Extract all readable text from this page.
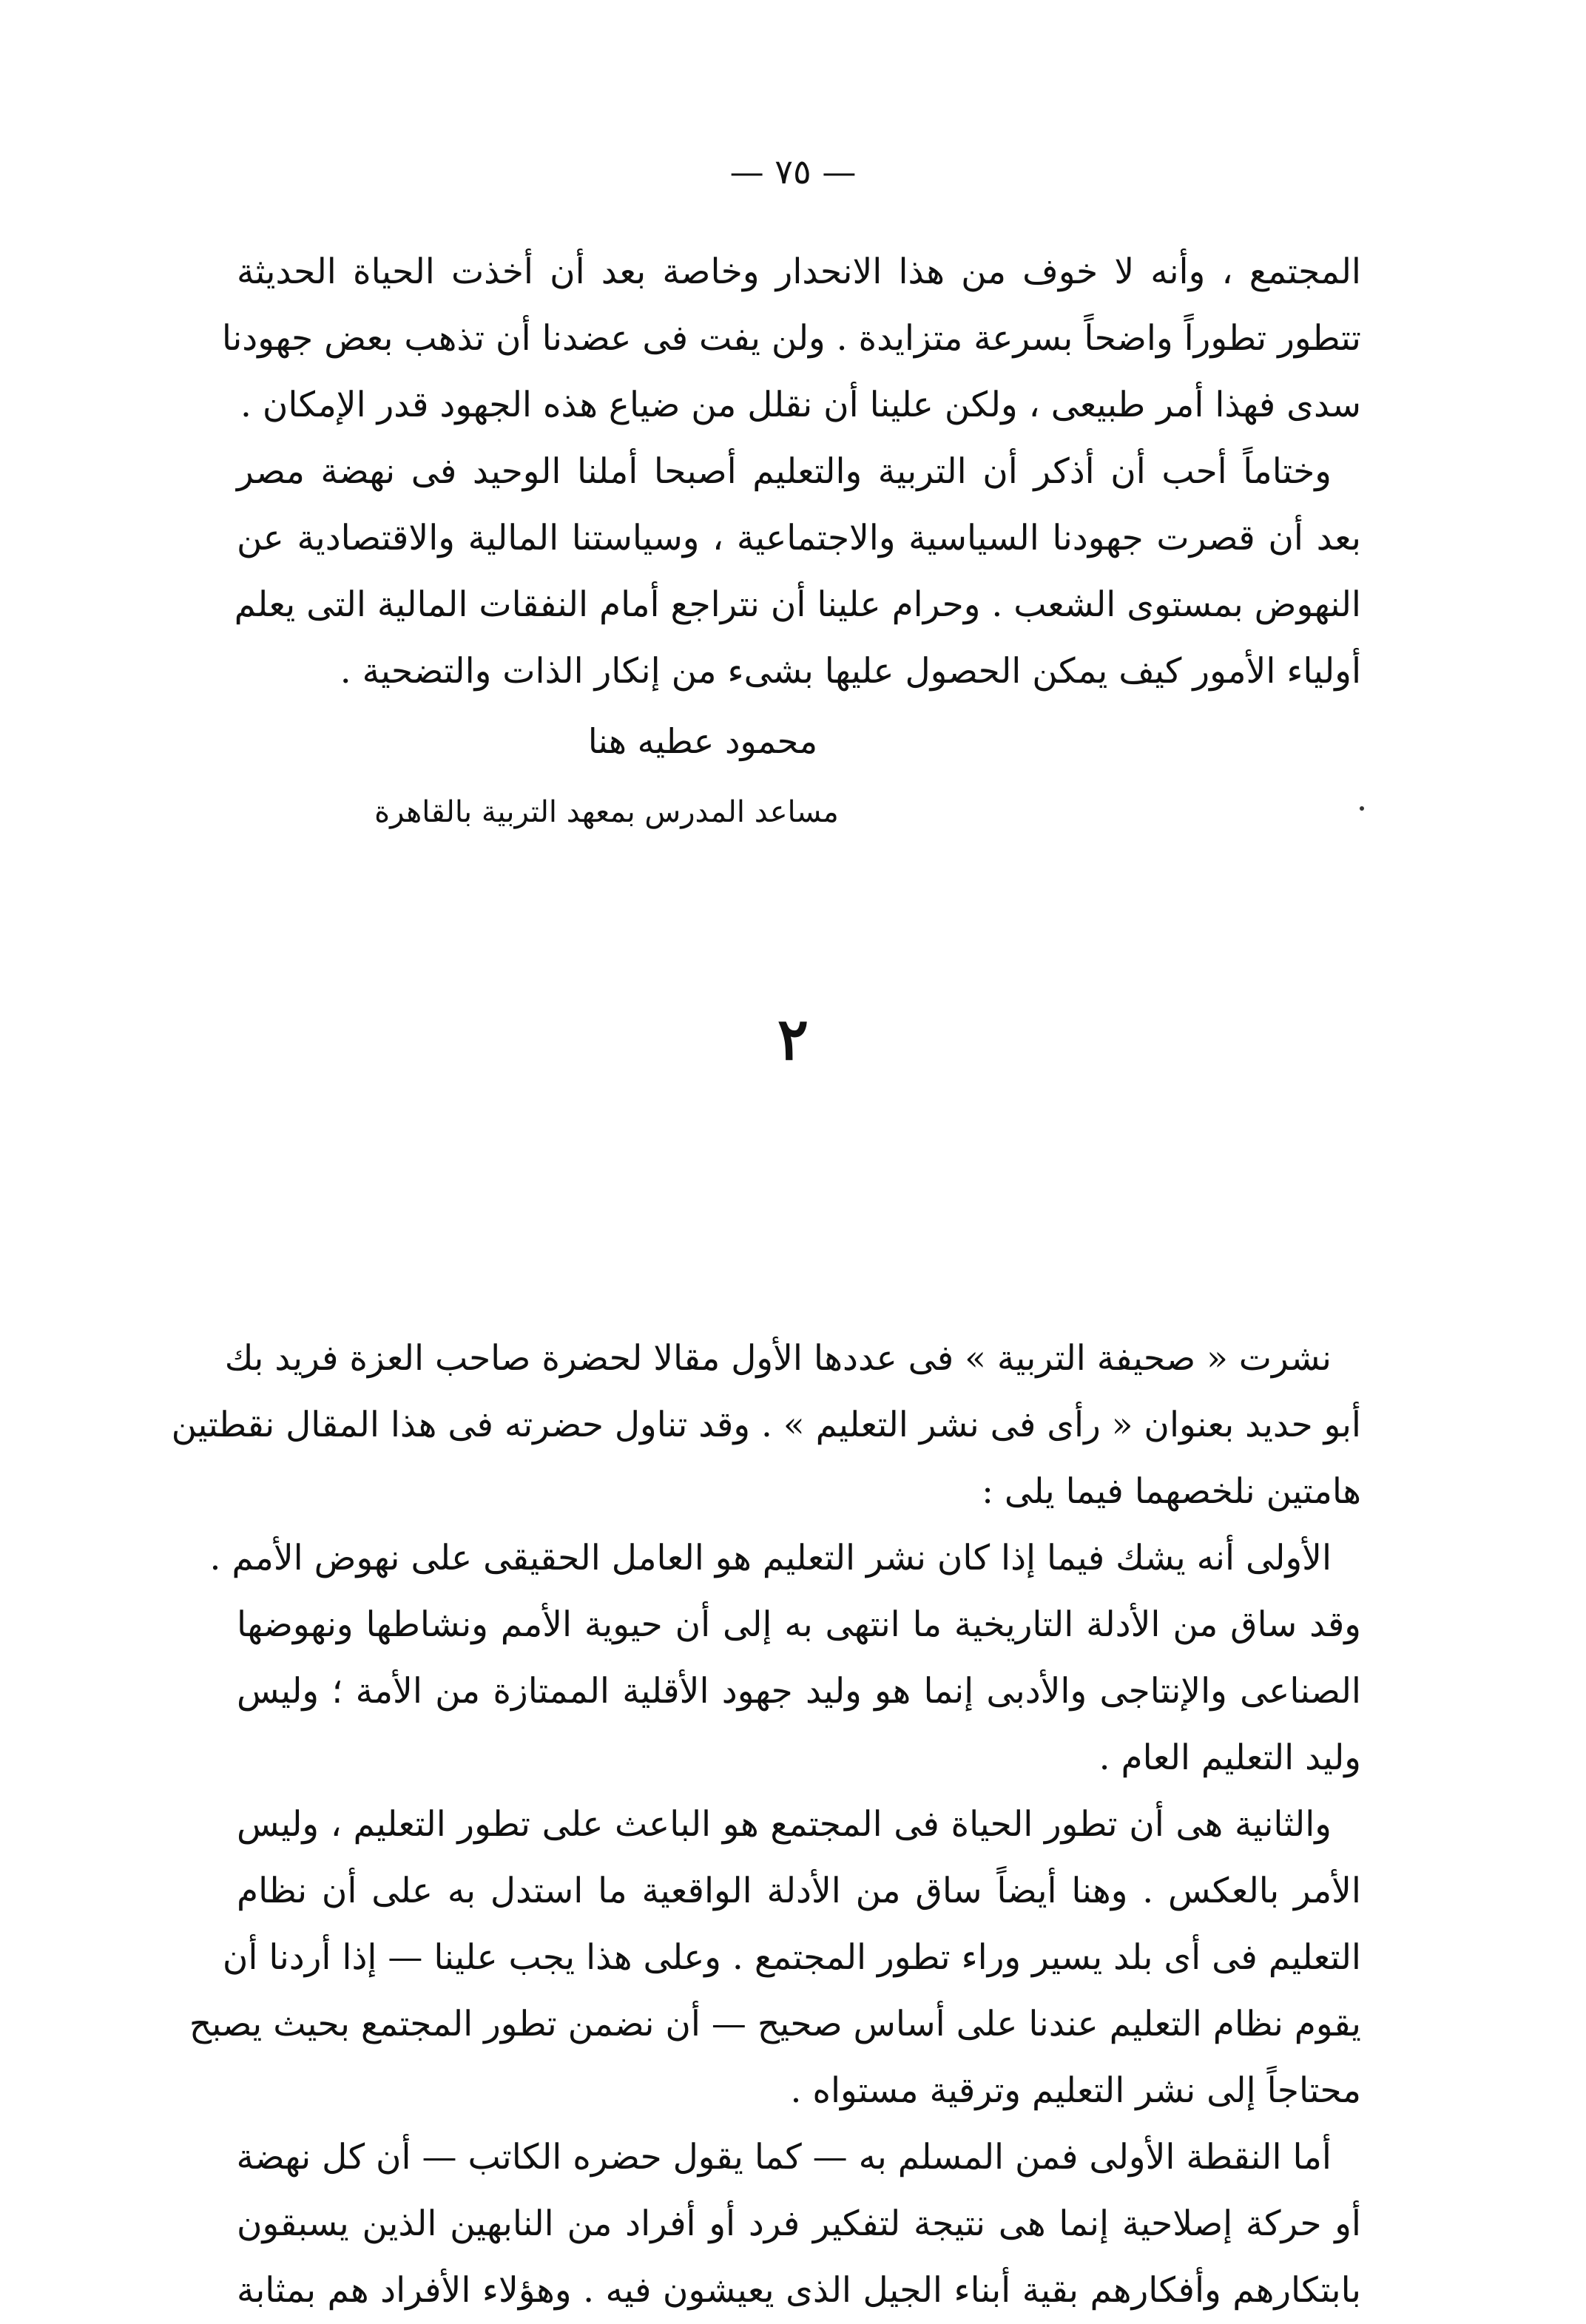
— ٧٥ —
المجتمع ، وأنه لا خوف من هذا الانحدار وخاصة بعد أن أخذت الحياة الحديثة
تتطور تطوراً واضحاً بسرعة متزايدة . ولن يفت فى عضدنا أن تذهب بعض جهودنا
سدى فهذا أمر طبيعى ، ولكن علينا أن نقلل من ضياع هذه الجهود قدر الإمكان .
وختاماً أحب أن أذكر أن التربية والتعليم أصبحا أملنا الوحيد فى نهضة مصر
بعد أن قصرت جهودنا السياسية والاجتماعية ، وسياستنا المالية والاقتصادية عن
النهوض بمستوى الشعب . وحرام علينا أن نتراجع أمام النفقات المالية التى يعلم
أولياء الأمور كيف يمكن الحصول عليها بشىء من إنكار الذات والتضحية .
محمود عطيه هنا
مساعد المدرس بمعهد التربية بالقاهرة
٢
نشرت « صحيفة التربية » فى عددها الأول مقالا لحضرة صاحب العزة فريد بك
أبو حديد بعنوان « رأى فى نشر التعليم » . وقد تناول حضرته فى هذا المقال نقطتين
هامتين نلخصهما فيما يلى :
الأولى أنه يشك فيما إذا كان نشر التعليم هو العامل الحقيقى على نهوض الأمم .
وقد ساق من الأدلة التاريخية ما انتهى به إلى أن حيوية الأمم ونشاطها ونهوضها
الصناعى والإنتاجى والأدبى إنما هو وليد جهود الأقلية الممتازة من الأمة ؛ وليس
وليد التعليم العام .
والثانية هى أن تطور الحياة فى المجتمع هو الباعث على تطور التعليم ، وليس
الأمر بالعكس . وهنا أيضاً ساق من الأدلة الواقعية ما استدل به على أن نظام
التعليم فى أى بلد يسير وراء تطور المجتمع . وعلى هذا يجب علينا — إذا أردنا أن
يقوم نظام التعليم عندنا على أساس صحيح — أن نضمن تطور المجتمع بحيث يصبح
محتاجاً إلى نشر التعليم وترقية مستواه .
أما النقطة الأولى فمن المسلم به — كما يقول حضره الكاتب — أن كل نهضة
أو حركة إصلاحية إنما هى نتيجة لتفكير فرد أو أفراد من النابهين الذين يسبقون
بابتكارهم وأفكارهم بقية أبناء الجيل الذى يعيشون فيه . وهؤلاء الأفراد هم بمثابة
